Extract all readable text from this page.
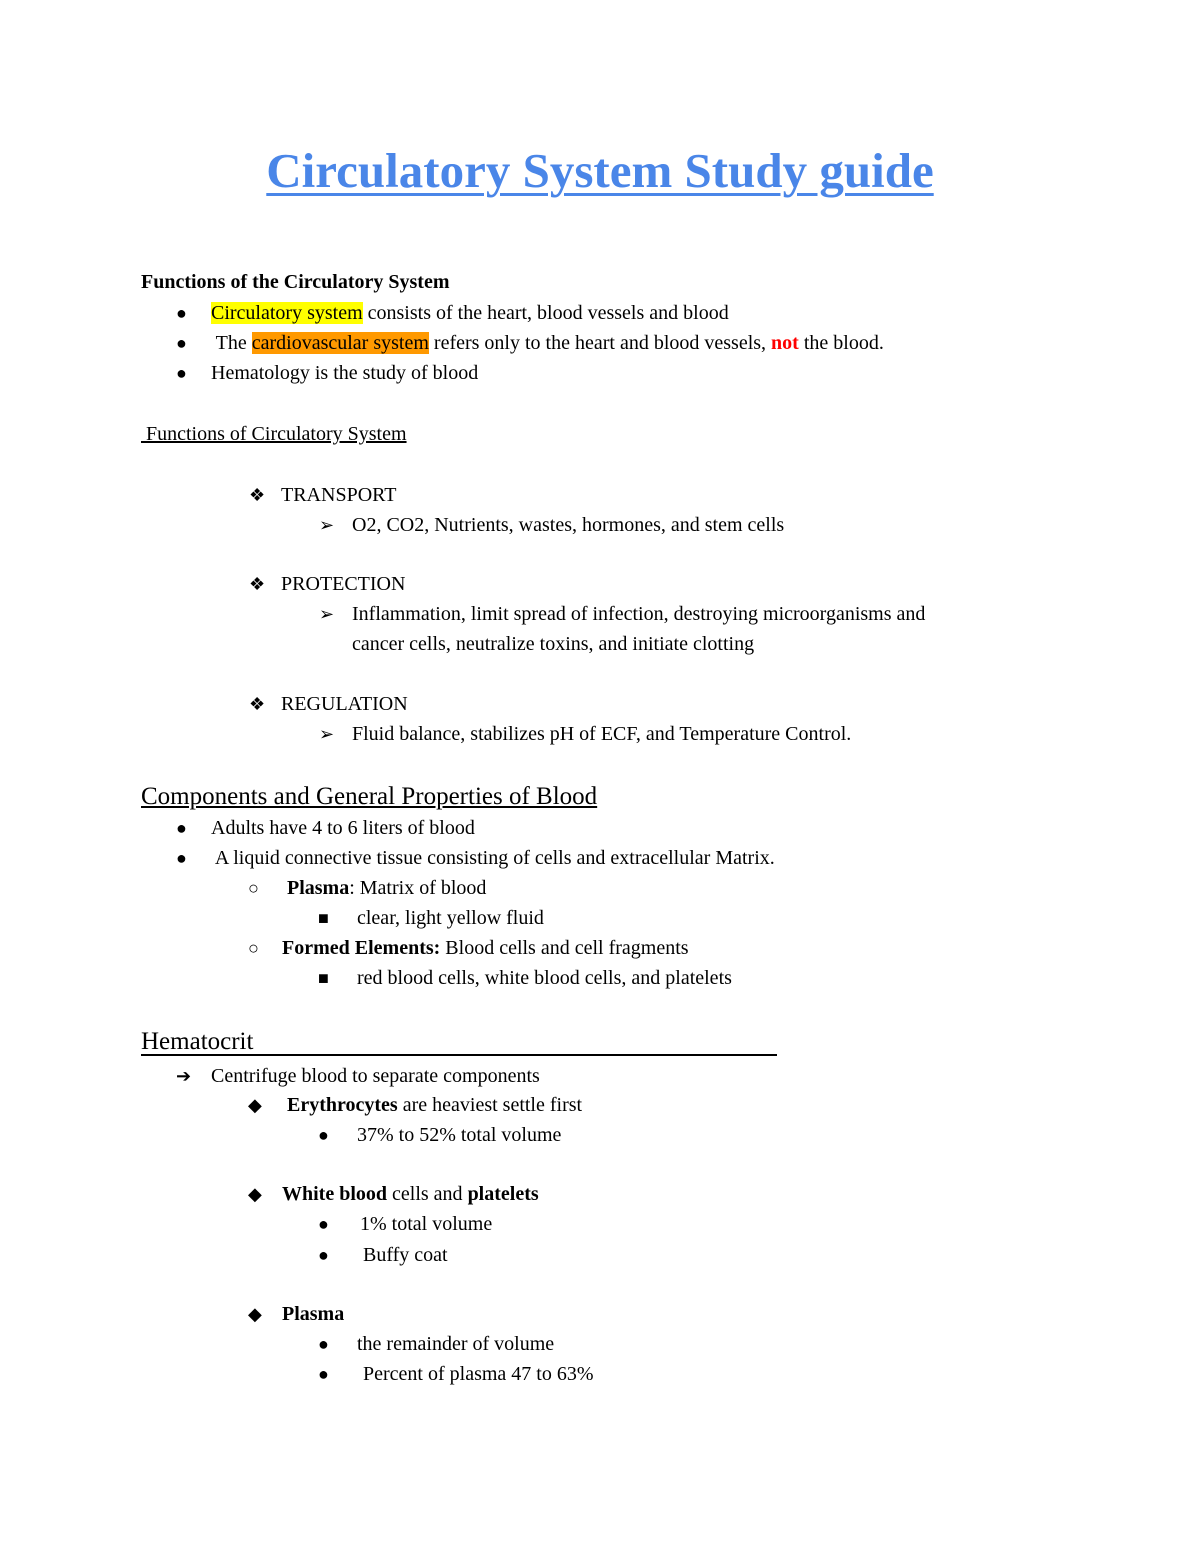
Circulatory System Study guide
Functions of the Circulatory System
● Circulatory system consists of the heart, blood vessels and blood
● The cardiovascular system refers only to the heart and blood vessels, not the blood.
● Hematology is the study of blood
Functions of Circulatory System
❖ TRANSPORT
➢ O2, CO2, Nutrients, wastes, hormones, and stem cells
❖ PROTECTION
➢ Inflammation, limit spread of infection, destroying microorganisms and
cancer cells, neutralize toxins, and initiate clotting
❖ REGULATION
➢ Fluid balance, stabilizes pH of ECF, and Temperature Control.
Components and General Properties of Blood
● Adults have 4 to 6 liters of blood
● A liquid connective tissue consisting of cells and extracellular Matrix.
○ Plasma: Matrix of blood
■ clear, light yellow fluid
○ Formed Elements: Blood cells and cell fragments
■ red blood cells, white blood cells, and platelets
Hematocrit
➔ Centrifuge blood to separate components
◆ Erythrocytes are heaviest settle first
● 37% to 52% total volume
◆ White blood cells and platelets
● 1% total volume
● Buffy coat
◆ Plasma
● the remainder of volume
● Percent of plasma 47 to 63%
